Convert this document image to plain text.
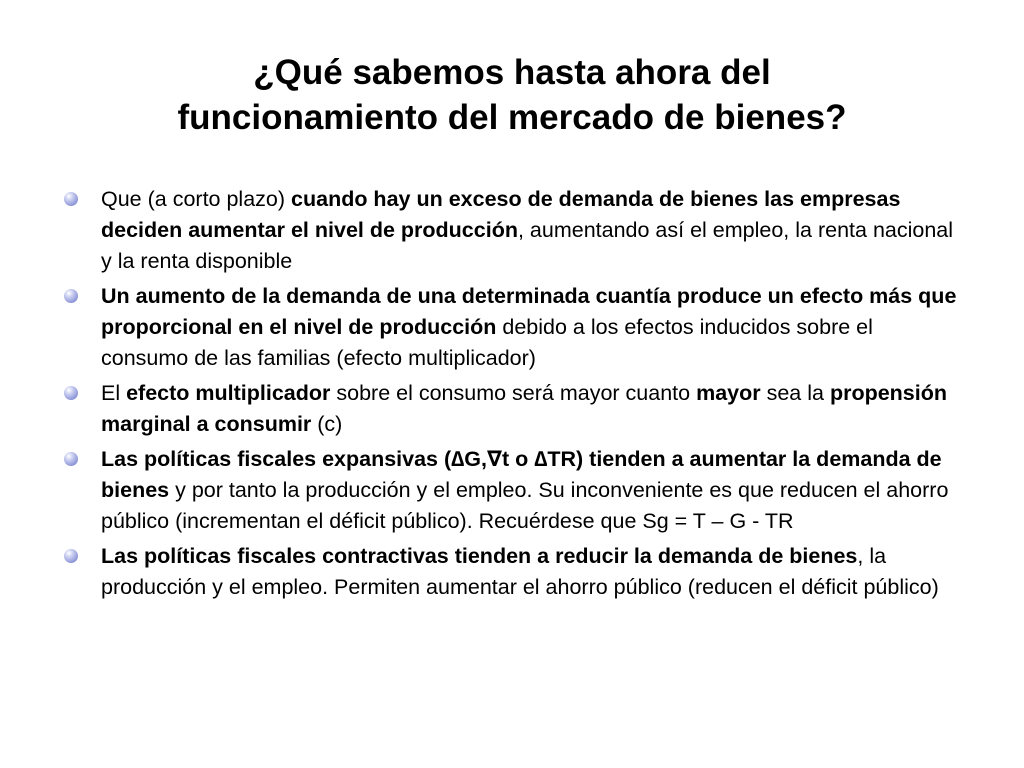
¿Qué sabemos hasta ahora del
funcionamiento del mercado de bienes?
Que (a corto plazo) cuando hay un exceso de demanda de bienes las empresas deciden aumentar el nivel de producción, aumentando así el empleo, la renta nacional y la renta disponible
Un aumento de la demanda de una determinada cuantía produce un efecto más que proporcional en el nivel de producción debido a los efectos inducidos sobre el consumo de las familias (efecto multiplicador)
El efecto multiplicador sobre el consumo será mayor cuanto mayor sea la propensión marginal a consumir (c)
Las políticas fiscales expansivas (∆G,∇t o ∆TR) tienden a aumentar la demanda de bienes y por tanto la producción y el empleo. Su inconveniente es que reducen el ahorro público (incrementan el déficit público). Recuérdese que Sg = T – G - TR
Las políticas fiscales contractivas tienden a reducir la demanda de bienes, la producción y el empleo. Permiten aumentar el ahorro público (reducen el déficit público)
